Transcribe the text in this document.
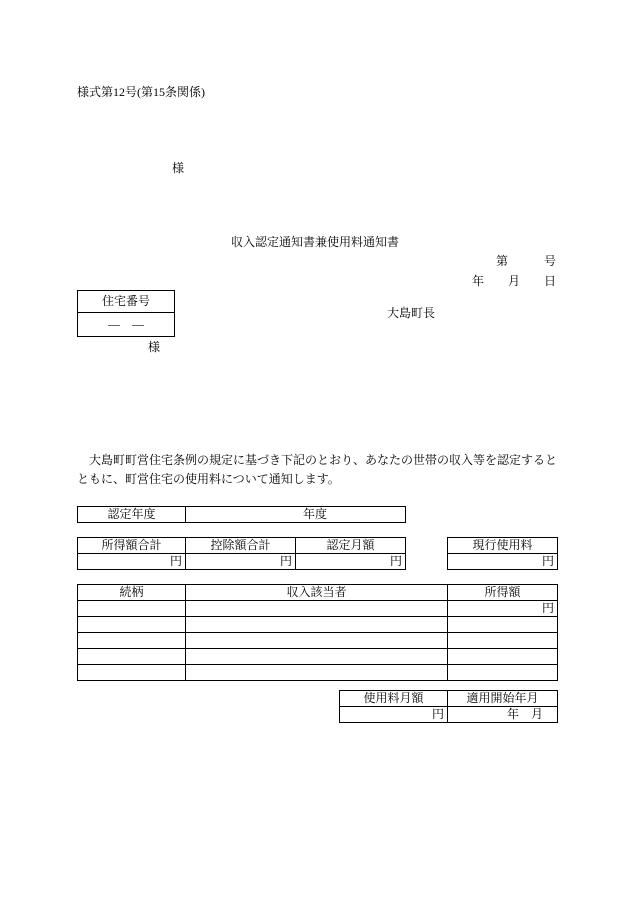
様式第12号(第15条関係)
様
収入認定通知書兼使用料通知書
第	号
年 月 日
住宅番号
―　―
大島町長
様
　大島町町営住宅条例の規定に基づき下記のとおり、あなたの世帯の収入等を認定すると
ともに、町営住宅の使用料について通知します。
認定年度	年度
所得額合計	控除額合計	認定月額
円	円	円
現行使用料
円
続柄	収入該当者	所得額
		円

使用料月額	適用開始年月
円	年　月
